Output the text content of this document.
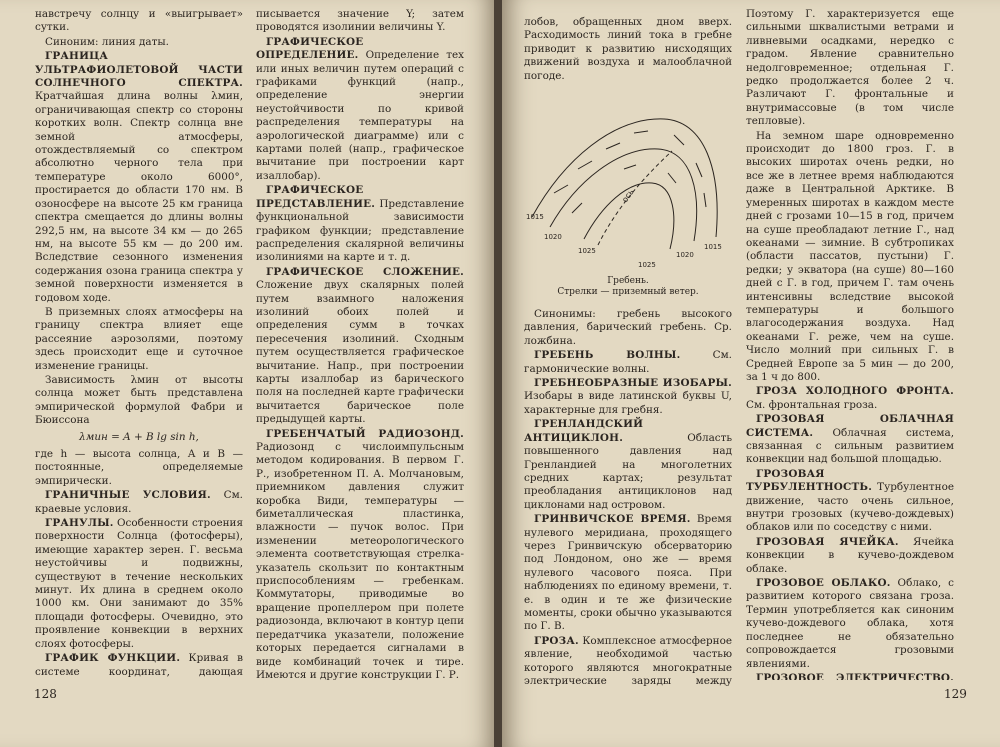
навстречу солнцу и «выигрывает» сутки.

Синоним: линия даты.

ГРАНИЦА УЛЬТРАФИОЛЕТОВОЙ ЧАСТИ СОЛНЕЧНОГО СПЕКТРА. Кратчайшая длина волны λмин, ограничивающая спектр со стороны коротких волн. Спектр солнца вне земной атмосферы, отождествляемый со спектром абсолютно черного тела при температуре около 6000°, простирается до области 170 нм. В озоносфере на высоте 25 км граница спектра смещается до длины волны 292,5 нм, на высоте 34 км — до 265 нм, на высоте 55 км — до 200 им. Вследствие сезонного изменения содержания озона граница спектра у земной поверхности изменяется в годовом ходе.

В приземных слоях атмосферы на границу спектра влияет еще рассеяние аэрозолями, поэтому здесь происходит еще и суточное изменение границы.

Зависимость λмин от высоты солнца может быть представлена эмпирической формулой Фабри и Бюиссона

λмин = A + B lg sin h,

где h — высота солнца, A и B — постоянные, определяемые эмпирически.

ГРАНИЧНЫЕ УСЛОВИЯ. См. краевые условия.

ГРАНУЛЫ. Особенности строения поверхности Солнца (фотосферы), имеющие характер зерен. Г. весьма неустойчивы и подвижны, существуют в течение нескольких минут. Их длина в среднем около 1000 км. Они занимают до 35% площади фотосферы. Очевидно, это проявление конвекции в верхних слоях фотосферы.

ГРАФИК ФУНКЦИИ. Кривая в системе координат, дающая

писывается значение Y; затем проводятся изолинии величины Y.

ГРАФИЧЕСКОЕ ОПРЕДЕЛЕНИЕ. Определение тех или иных величин путем операций с графиками функций (напр., определение энергии неустойчивости по кривой распределения температуры на аэрологической диаграмме) или с картами полей (напр., графическое вычитание при построении карт изаллобар).

ГРАФИЧЕСКОЕ ПРЕДСТАВЛЕНИЕ. Представление функциональной зависимости графиком функции; представление распределения скалярной величины изолиниями на карте и т. д.

ГРАФИЧЕСКОЕ СЛОЖЕНИЕ. Сложение двух скалярных полей путем взаимного наложения изолиний обоих полей и определения сумм в точках пересечения изолиний. Сходным путем осуществляется графическое вычитание. Напр., при построении карты изаллобар из барического поля на последней карте графически вычитается барическое поле предыдущей карты.

ГРЕБЕНЧАТЫЙ РАДИОЗОНД. Радиозонд с числоимпульсным методом кодирования. В первом Г. Р., изобретенном П. А. Молчановым, приемником давления служит коробка Види, температуры — биметаллическая пластинка, влажности — пучок волос. При изменении метеорологического элемента соответствующая стрелка-указатель скользит по контактным приспособлениям — гребенкам. Коммутаторы, приводимые во вращение пропеллером при полете радиозонда, включают в контур цепи передатчика указатели, положение которых передается сигналами в виде комбинаций точек и тире. Имеются и другие конструкции Г. Р.

128

лобов, обращенных дном вверх. Расходимость линий тока в гребне приводит к развитию нисходящих движений воздуха и малооблачной погоде.

1015
1020
1025
1025
1020
1015
ось
Гребень.
Стрелки — приземный ветер.

Синонимы: гребень высокого давления, барический гребень. Ср. ложбина.

ГРЕБЕНЬ ВОЛНЫ. См. гармонические волны.

ГРЕБНЕОБРАЗНЫЕ ИЗОБАРЫ. Изобары в виде латинской буквы U, характерные для гребня.

ГРЕНЛАНДСКИЙ АНТИЦИКЛОН. Область повышенного давления над Гренландией на многолетних средних картах; результат преобладания антициклонов над циклонами над островом.

ГРИНВИЧСКОЕ ВРЕМЯ. Время нулевого меридиана, проходящего через Гринвичскую обсерваторию под Лондоном, оно же — время нулевого часового пояса. При наблюдениях по единому времени, т. е. в один и те же физические моменты, сроки обычно указываются по Г. В.

ГРОЗА. Комплексное атмосферное явление, необходимой частью которого являются многократные электрические заряды между

Поэтому Г. характеризуется еще сильными шквалистыми ветрами и ливневыми осадками, нередко с градом. Явление сравнительно недолговременное; отдельная Г. редко продолжается более 2 ч. Различают Г. фронтальные и внутримассовые (в том числе тепловые).

На земном шаре одновременно происходит до 1800 гроз. Г. в высоких широтах очень редки, но все же в летнее время наблюдаются даже в Центральной Арктике. В умеренных широтах в каждом месте дней с грозами 10—15 в год, причем на суше преобладают летние Г., над океанами — зимние. В субтропиках (области пассатов, пустыни) Г. редки; у экватора (на суше) 80—160 дней с Г. в год, причем Г. там очень интенсивны вследствие высокой температуры и большого влагосодержания воздуха. Над океанами Г. реже, чем на суше. Число молний при сильных Г. в Средней Европе за 5 мин — до 200, за 1 ч до 800.

ГРОЗА ХОЛОДНОГО ФРОНТА. См. фронтальная гроза.

ГРОЗОВАЯ ОБЛАЧНАЯ СИСТЕМА. Облачная система, связанная с сильным развитием конвекции над большой площадью.

ГРОЗОВАЯ ТУРБУЛЕНТНОСТЬ. Турбулентное движение, часто очень сильное, внутри грозовых (кучево-дождевых) облаков или по соседству с ними.

ГРОЗОВАЯ ЯЧЕЙКА. Ячейка конвекции в кучево-дождевом облаке.

ГРОЗОВОЕ ОБЛАКО. Облако, с развитием которого связана гроза. Термин употребляется как синоним кучево-дождевого облака, хотя последнее не обязательно сопровождается грозовыми явлениями.

ГРОЗОВОЕ ЭЛЕКТРИЧЕСТВО.

129
